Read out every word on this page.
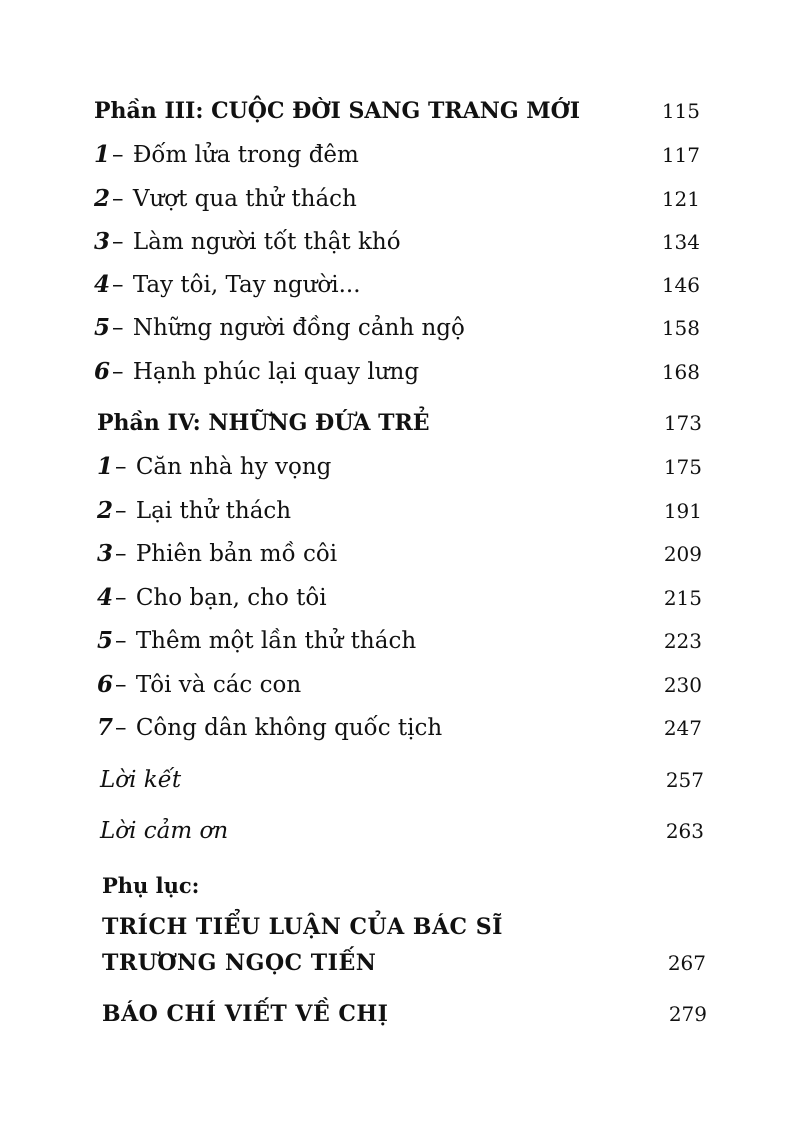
Phần III: CUỘC ĐỜI SANG TRANG MỚI	115
1– Đốm lửa trong đêm	117
2– Vượt qua thử thách	121
3– Làm người tốt thật khó	134
4– Tay tôi, Tay người...	146
5– Những người đồng cảnh ngộ	158
6– Hạnh phúc lại quay lưng	168
Phần IV: NHỮNG ĐỨA TRẺ	173
1– Căn nhà hy vọng	175
2– Lại thử thách	191
3– Phiên bản mồ côi	209
4– Cho bạn, cho tôi	215
5– Thêm một lần thử thách	223
6– Tôi và các con	230
7– Công dân không quốc tịch	247
Lời kết	257
Lời cảm ơn	263
Phụ lục:
TRÍCH TIỂU LUẬN CỦA BÁC SĨ
TRƯƠNG NGỌC TIẾN	267
BÁO CHÍ VIẾT VỀ CHỊ	279
